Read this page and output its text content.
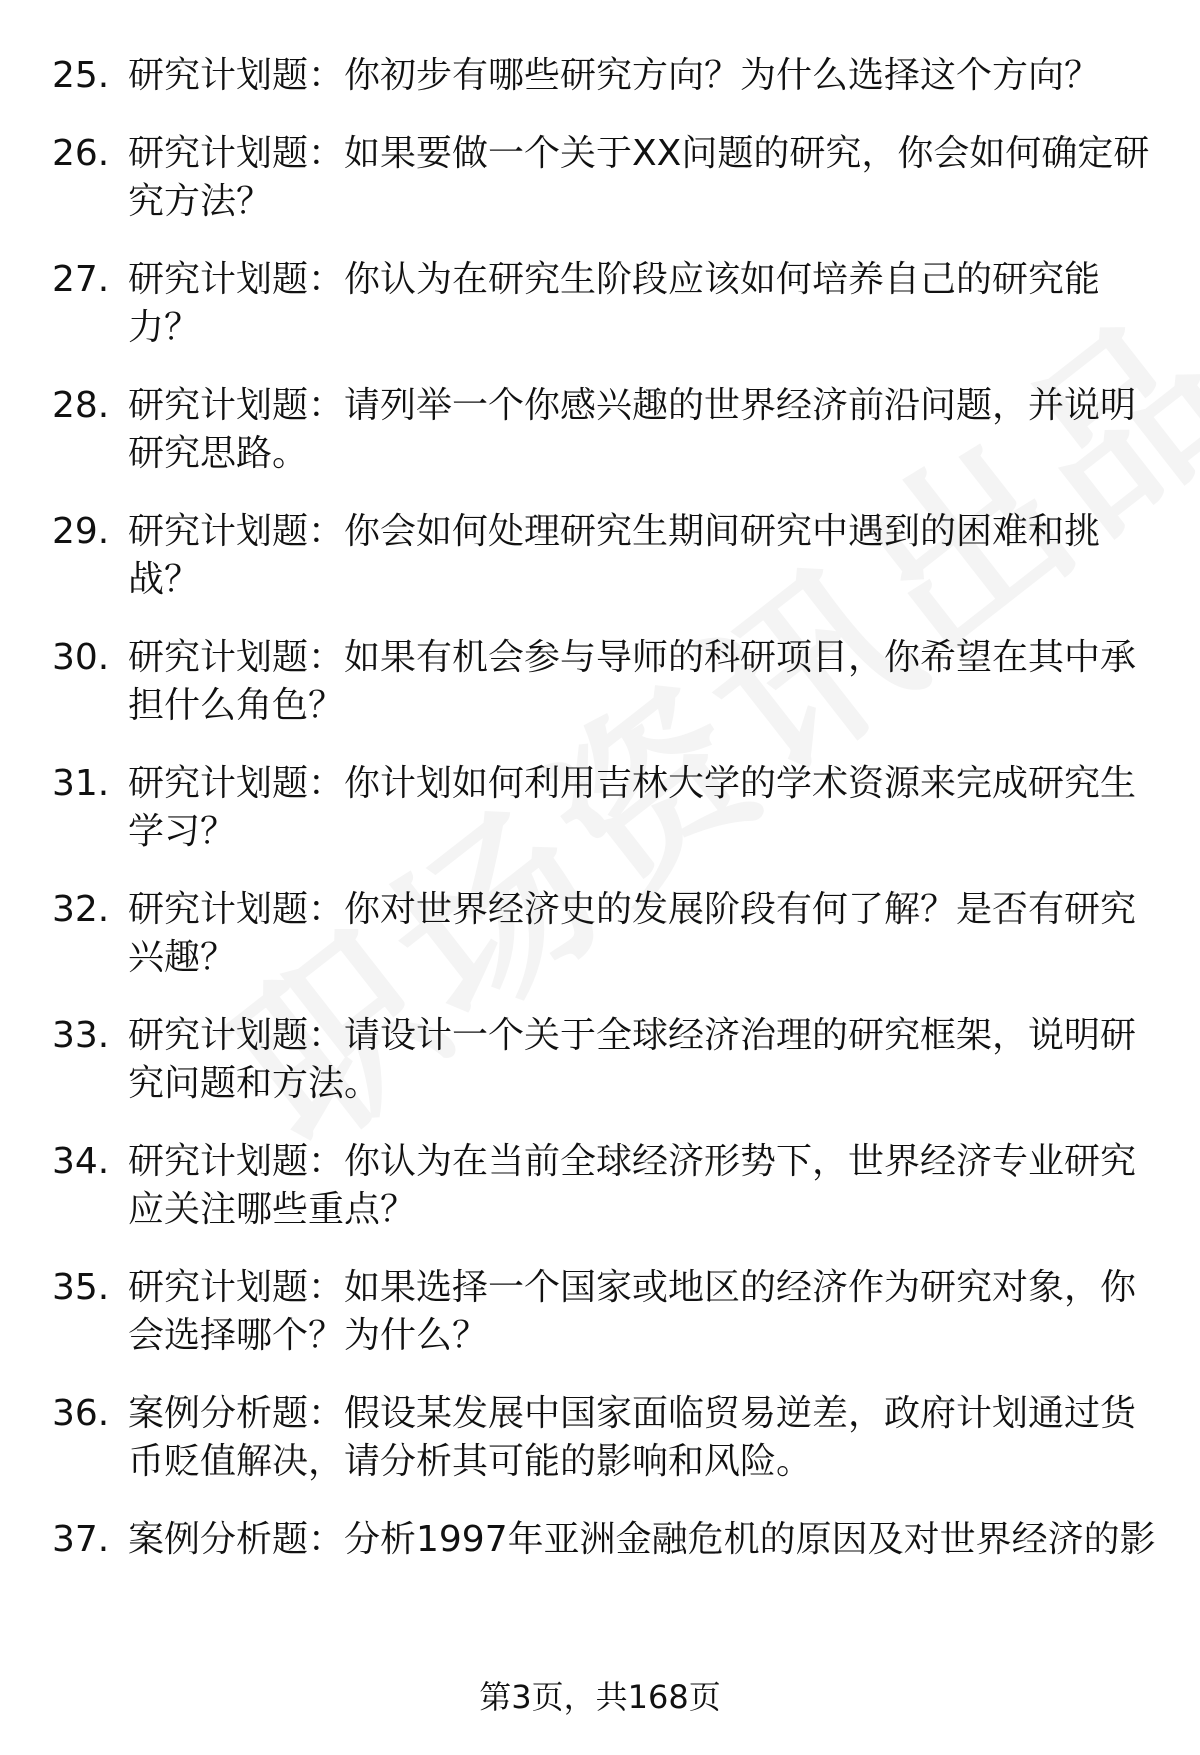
25. 研究计划题：你初步有哪些研究方向？为什么选择这个方向？
26. 研究计划题：如果要做一个关于XX问题的研究，你会如何确定研究方法？
27. 研究计划题：你认为在研究生阶段应该如何培养自己的研究能力？
28. 研究计划题：请列举一个你感兴趣的世界经济前沿问题，并说明研究思路。
29. 研究计划题：你会如何处理研究生期间研究中遇到的困难和挑战？
30. 研究计划题：如果有机会参与导师的科研项目，你希望在其中承担什么角色？
31. 研究计划题：你计划如何利用吉林大学的学术资源来完成研究生学习？
32. 研究计划题：你对世界经济史的发展阶段有何了解？是否有研究兴趣？
33. 研究计划题：请设计一个关于全球经济治理的研究框架，说明研究问题和方法。
34. 研究计划题：你认为在当前全球经济形势下，世界经济专业研究应关注哪些重点？
35. 研究计划题：如果选择一个国家或地区的经济作为研究对象，你会选择哪个？为什么？
36. 案例分析题：假设某发展中国家面临贸易逆差，政府计划通过货币贬值解决，请分析其可能的影响和风险。
37. 案例分析题：分析1997年亚洲金融危机的原因及对世界经济的影
第3页，共168页
